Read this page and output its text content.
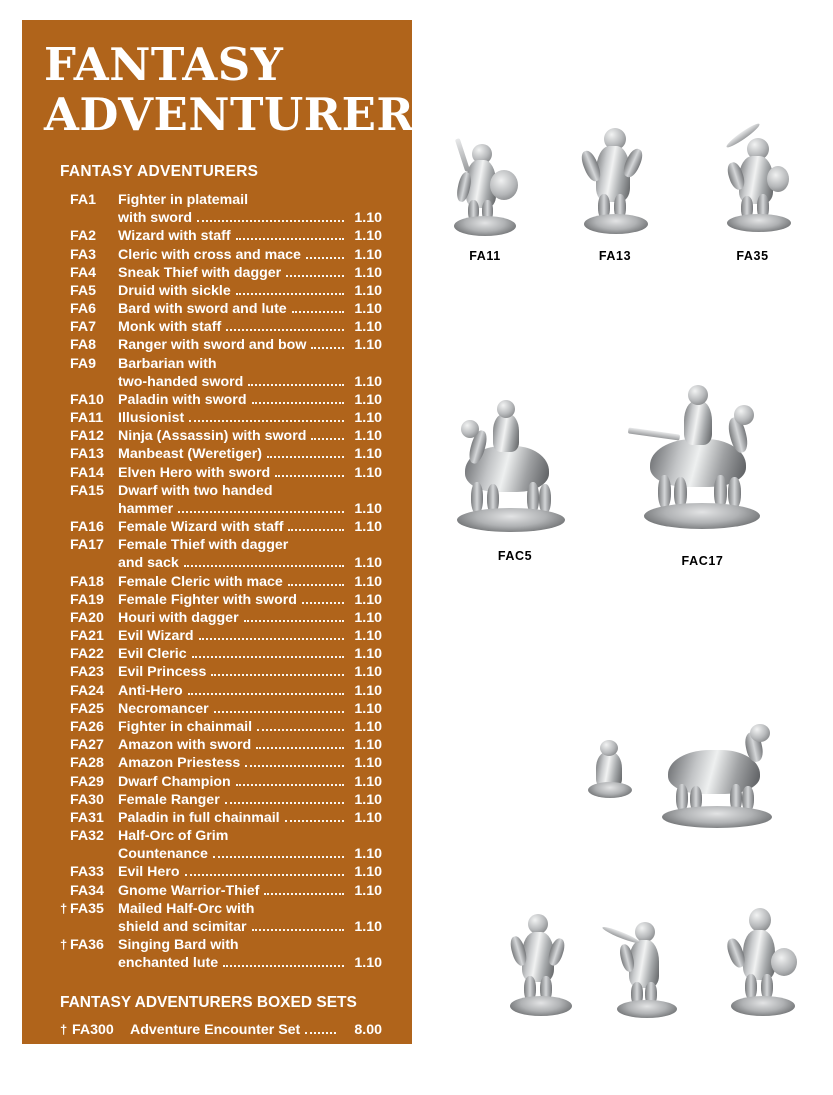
FANTASY
ADVENTURERS
FANTASY ADVENTURERS
FA1	Fighter in platemail
with sword	1.10
FA2	Wizard with staff	1.10
FA3	Cleric with cross and mace	1.10
FA4	Sneak Thief with dagger	1.10
FA5	Druid with sickle	1.10
FA6	Bard with sword and lute	1.10
FA7	Monk with staff	1.10
FA8	Ranger with sword and bow	1.10
FA9	Barbarian with
two-handed sword	1.10
FA10 Paladin with sword	1.10
FA11	Illusionist	1.10
FA12 Ninja (Assassin) with sword	1.10
FA13 Manbeast (Weretiger)	1.10
FA14 Elven Hero with sword	1.10
FA15 Dwarf with two handed
hammer	1.10
FA16 Female Wizard with staff	1.10
FA17 Female Thief with dagger
and sack	1.10
FA18 Female Cleric with mace	1.10
FA19 Female Fighter with sword	1.10
FA20 Houri with dagger	1.10
FA21 Evil Wizard	1.10
FA22 Evil Cleric	1.10
FA23 Evil Princess	1.10
FA24 Anti-Hero	1.10
FA25 Necromancer	1.10
FA26 Fighter in chainmail	1.10
FA27 Amazon with sword	1.10
FA28 Amazon Priestess	1.10
FA29 Dwarf Champion	1.10
FA30 Female Ranger	1.10
FA31 Paladin in full chainmail	1.10
FA32 Half-Orc of Grim
Countenance	1.10
FA33 Evil Hero	1.10
FA34 Gnome Warrior-Thief	1.10
† FA35 Mailed Half-Orc with
shield and scimitar	1.10
† FA36 Singing Bard with
enchanted lute	1.10
FANTASY ADVENTURERS BOXED SETS
† FA300	Adventure Encounter Set	8.00
† Represents a new release coming in 1984.
Some figures may require assembly.
FA11	FA13	FA35
FAC5	FAC17
